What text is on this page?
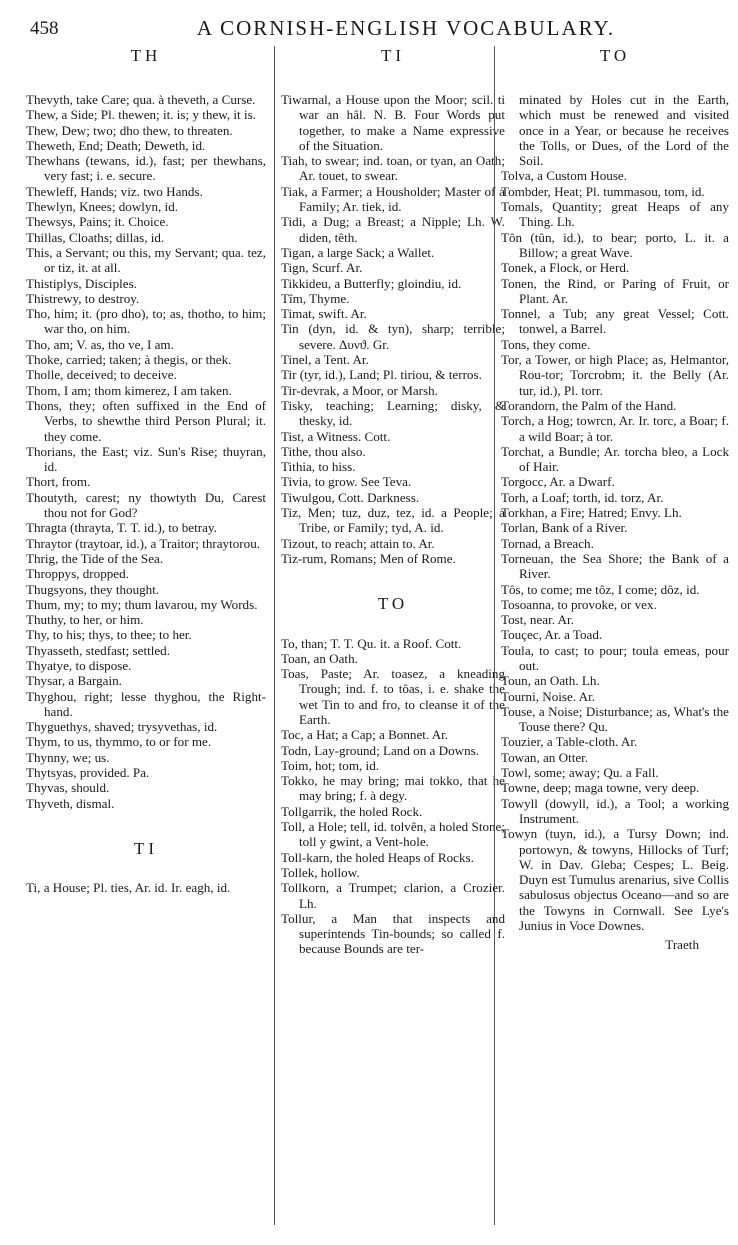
458	A CORNISH-ENGLISH VOCABULARY.
TH

Thevyth, take Care; qua. à theveth, a Curse.

Thew, a Side; Pl. thewen; it. is; y thew, it is.

Thew, Dew; two; dho thew, to threaten.

Theweth, End; Death; Deweth, id.

Thewhans (tewans, id.), fast; per thewhans, very fast; i. e. secure.

Thewleff, Hands; viz. two Hands.

Thewlyn, Knees; dowlyn, id.

Thewsys, Pains; it. Choice.

Thillas, Cloaths; dillas, id.

This, a Servant; ou this, my Servant; qua. tez, or tiz, it. at all.

Thistiplys, Disciples.

Thistrewy, to destroy.

Tho, him; it. (pro dho), to; as, thotho, to him; war tho, on him.

Tho, am; V. as, tho ve, I am.

Thoke, carried; taken; à thegis, or thek.

Tholle, deceived; to deceive.

Thom, I am; thom kimerez, I am taken.

Thons, they; often suffixed in the End of Verbs, to shewthe third Person Plural; it. they come.

Thorians, the East; viz. Sun's Rise; thuyran, id.

Thort, from.

Thoutyth, carest; ny thowtyth Du, Carest thou not for God?

Thragta (thrayta, T. T. id.), to betray.

Thraytor (traytoar, id.), a Traitor; thraytorou.

Thrig, the Tide of the Sea.

Throppys, dropped.

Thugsyons, they thought.

Thum, my; to my; thum lavarou, my Words.

Thuthy, to her, or him.

Thy, to his; thys, to thee; to her.

Thyasseth, stedfast; settled.

Thyatye, to dispose.

Thysar, a Bargain.

Thyghou, right; lesse thyghou, the Right-hand.

Thyguethys, shaved; trysyvethas, id.

Thym, to us, thymmo, to or for me.

Thynny, we; us.

Thytsyas, provided. Pa.

Thyvas, should.

Thyveth, dismal.

TI

Ti, a House; Pl. ties, Ar. id. Ir. eagh, id.

TI

Tiwarnal, a House upon the Moor; scil. ti war an hâl. N. B. Four Words put together, to make a Name expressive of the Situation.

Tiah, to swear; ind. toan, or tyan, an Oath; Ar. touet, to swear.

Tiak, a Farmer; a Housholder; Master of a Family; Ar. tiek, id.

Tidi, a Dug; a Breast; a Nipple; Lh. W. diden, têth.

Tigan, a large Sack; a Wallet.

Tign, Scurf. Ar.

Tikkideu, a Butterfly; gloindiu, id.

Tîm, Thyme.

Timat, swift. Ar.

Tin (dyn, id. & tyn), sharp; terrible; severe. Δυνϑ. Gr.

Tinel, a Tent. Ar.

Tir (tyr, id.), Land; Pl. tiriou, & terros.

Tir-devrak, a Moor, or Marsh.

Tisky, teaching; Learning; disky, & thesky, id.

Tist, a Witness. Cott.

Tithe, thou also.

Tithia, to hiss.

Tivia, to grow. See Teva.

Tiwulgou, Cott. Darkness.

Tiz, Men; tuz, duz, tez, id. a People; a Tribe, or Family; tyd, A. id.

Tizout, to reach; attain to. Ar.

Tiz-rum, Romans; Men of Rome.

TO

To, than; T. T. Qu. it. a Roof. Cott.

Toan, an Oath.

Toas, Paste; Ar. toasez, a kneading Trough; ind. f. to tôas, i. e. shake the wet Tin to and fro, to cleanse it of the Earth.

Toc, a Hat; a Cap; a Bonnet. Ar.

Todn, Lay-ground; Land on a Downs.

Toim, hot; tom, id.

Tokko, he may bring; mai tokko, that he may bring; f. à degy.

Tollgarrik, the holed Rock.

Toll, a Hole; tell, id. tolvên, a holed Stone; toll y gwint, a Vent-hole.

Toll-karn, the holed Heaps of Rocks.

Tollek, hollow.

Tollkorn, a Trumpet; clarion, a Crozier. Lh.

Tollur, a Man that inspects and superintends Tin-bounds; so called f. because Bounds are ter-

TO

minated by Holes cut in the Earth, which must be renewed and visited once in a Year, or because he receives the Tolls, or Dues, of the Lord of the Soil.

Tolva, a Custom House.

Tombder, Heat; Pl. tummasou, tom, id.

Tomals, Quantity; great Heaps of any Thing. Lh.

Tôn (tûn, id.), to bear; porto, L. it. a Billow; a great Wave.

Tonek, a Flock, or Herd.

Tonen, the Rind, or Paring of Fruit, or Plant. Ar.

Tonnel, a Tub; any great Vessel; Cott. tonwel, a Barrel.

Tons, they come.

Tor, a Tower, or high Place; as, Helmantor, Rou-tor; Torcrobm; it. the Belly (Ar. tur, id.), Pl. torr.

Torandorn, the Palm of the Hand.

Torch, a Hog; towrcn, Ar. Ir. torc, a Boar; f. a wild Boar; à tor.

Torchat, a Bundle; Ar. torcha bleo, a Lock of Hair.

Torgocc, Ar. a Dwarf.

Torh, a Loaf; torth, id. torz, Ar.

Torkhan, a Fire; Hatred; Envy. Lh.

Torlan, Bank of a River.

Tornad, a Breach.

Torneuan, the Sea Shore; the Bank of a River.

Tôs, to come; me tôz, I come; dôz, id.

Tosoanna, to provoke, or vex.

Tost, near. Ar.

Touçec, Ar. a Toad.

Toula, to cast; to pour; toula emeas, pour out.

Toun, an Oath. Lh.

Tourni, Noise. Ar.

Touse, a Noise; Disturbance; as, What's the Touse there? Qu.

Touzier, a Table-cloth. Ar.

Towan, an Otter.

Towl, some; away; Qu. a Fall.

Towne, deep; maga towne, very deep.

Towyll (dowyll, id.), a Tool; a working Instrument.

Towyn (tuyn, id.), a Tursy Down; ind. portowyn, & towyns, Hillocks of Turf; W. in Dav. Gleba; Cespes; L. Beig. Duyn est Tumulus arenarius, sive Collis sabulosus objectus Oceano—and so are the Towyns in Cornwall. See Lye's Junius in Voce Downes.

Traeth
